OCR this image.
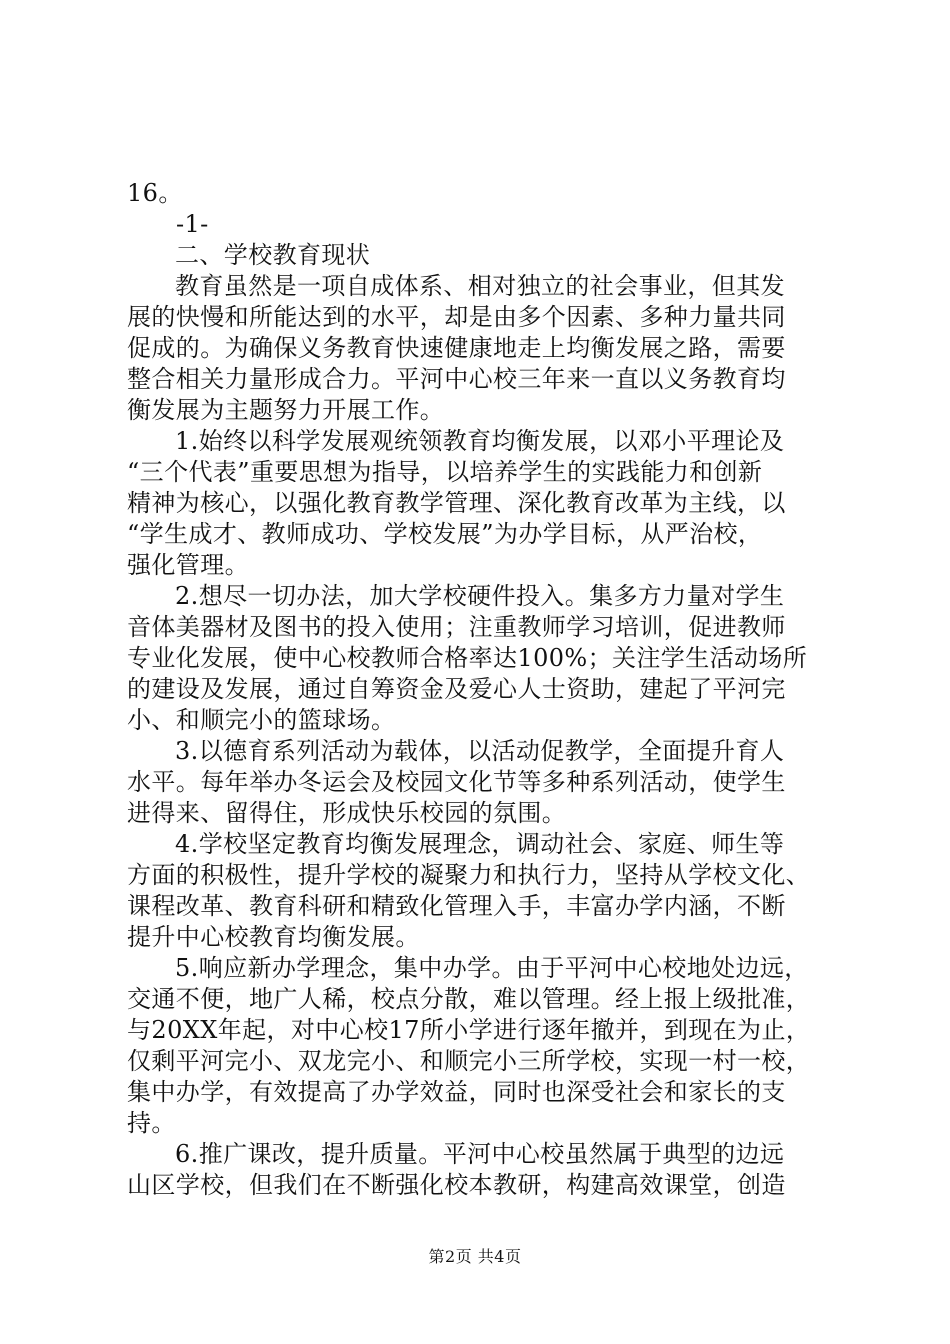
16。
-1-
二、学校教育现状
教育虽然是一项自成体系、相对独立的社会事业，但其发
展的快慢和所能达到的水平，却是由多个因素、多种力量共同
促成的。为确保义务教育快速健康地走上均衡发展之路，需要
整合相关力量形成合力。平河中心校三年来一直以义务教育均
衡发展为主题努力开展工作。
1.始终以科学发展观统领教育均衡发展，以邓小平理论及
“三个代表”重要思想为指导，以培养学生的实践能力和创新
精神为核心，以强化教育教学管理、深化教育改革为主线，以
“学生成才、教师成功、学校发展”为办学目标，从严治校，
强化管理。
2.想尽一切办法，加大学校硬件投入。集多方力量对学生
音体美器材及图书的投入使用；注重教师学习培训，促进教师
专业化发展，使中心校教师合格率达100%；关注学生活动场所
的建设及发展，通过自筹资金及爱心人士资助，建起了平河完
小、和顺完小的篮球场。
3.以德育系列活动为载体，以活动促教学，全面提升育人
水平。每年举办冬运会及校园文化节等多种系列活动，使学生
进得来、留得住，形成快乐校园的氛围。
4.学校坚定教育均衡发展理念，调动社会、家庭、师生等
方面的积极性，提升学校的凝聚力和执行力，坚持从学校文化、
课程改革、教育科研和精致化管理入手，丰富办学内涵，不断
提升中心校教育均衡发展。
5.响应新办学理念，集中办学。由于平河中心校地处边远，
交通不便，地广人稀，校点分散，难以管理。经上报上级批准，
与20XX年起，对中心校17所小学进行逐年撤并，到现在为止，
仅剩平河完小、双龙完小、和顺完小三所学校，实现一村一校，
集中办学，有效提高了办学效益，同时也深受社会和家长的支
持。
6.推广课改，提升质量。平河中心校虽然属于典型的边远
山区学校，但我们在不断强化校本教研，构建高效课堂，创造
第2页 共4页
